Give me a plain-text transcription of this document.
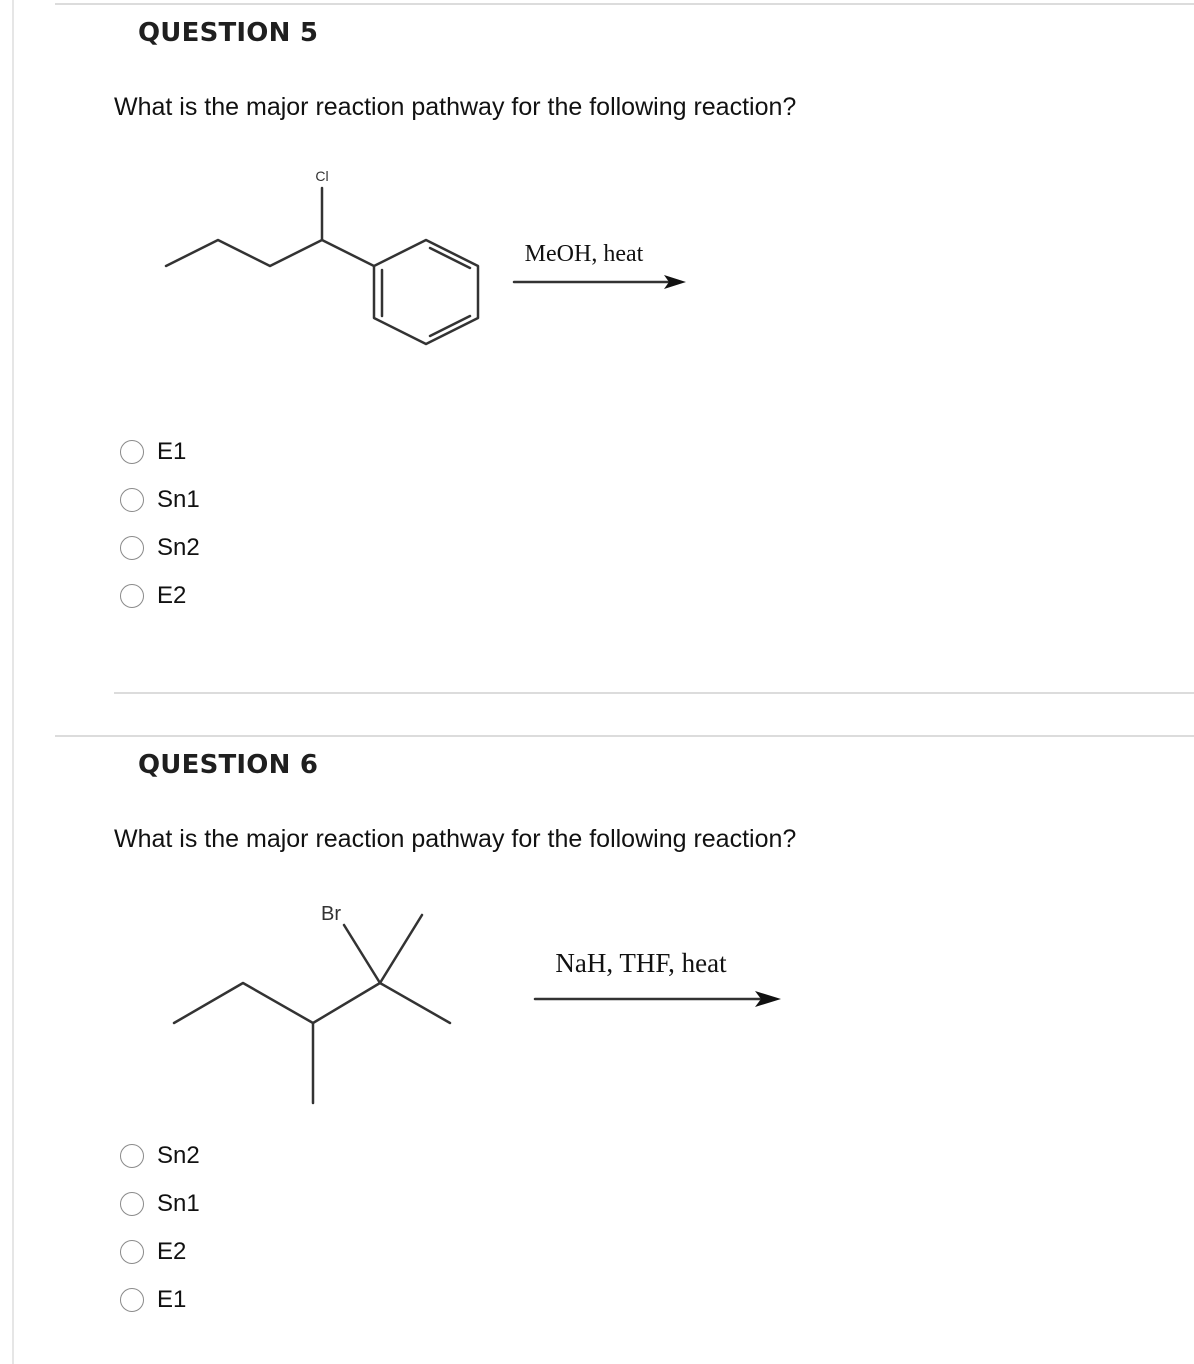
QUESTION 5

What is the major reaction pathway for the following reaction?

Cl
MeOH, heat
E1
Sn1
Sn2
E2
QUESTION 6

What is the major reaction pathway for the following reaction?

Br
NaH, THF, heat
Sn2
Sn1
E2
E1
